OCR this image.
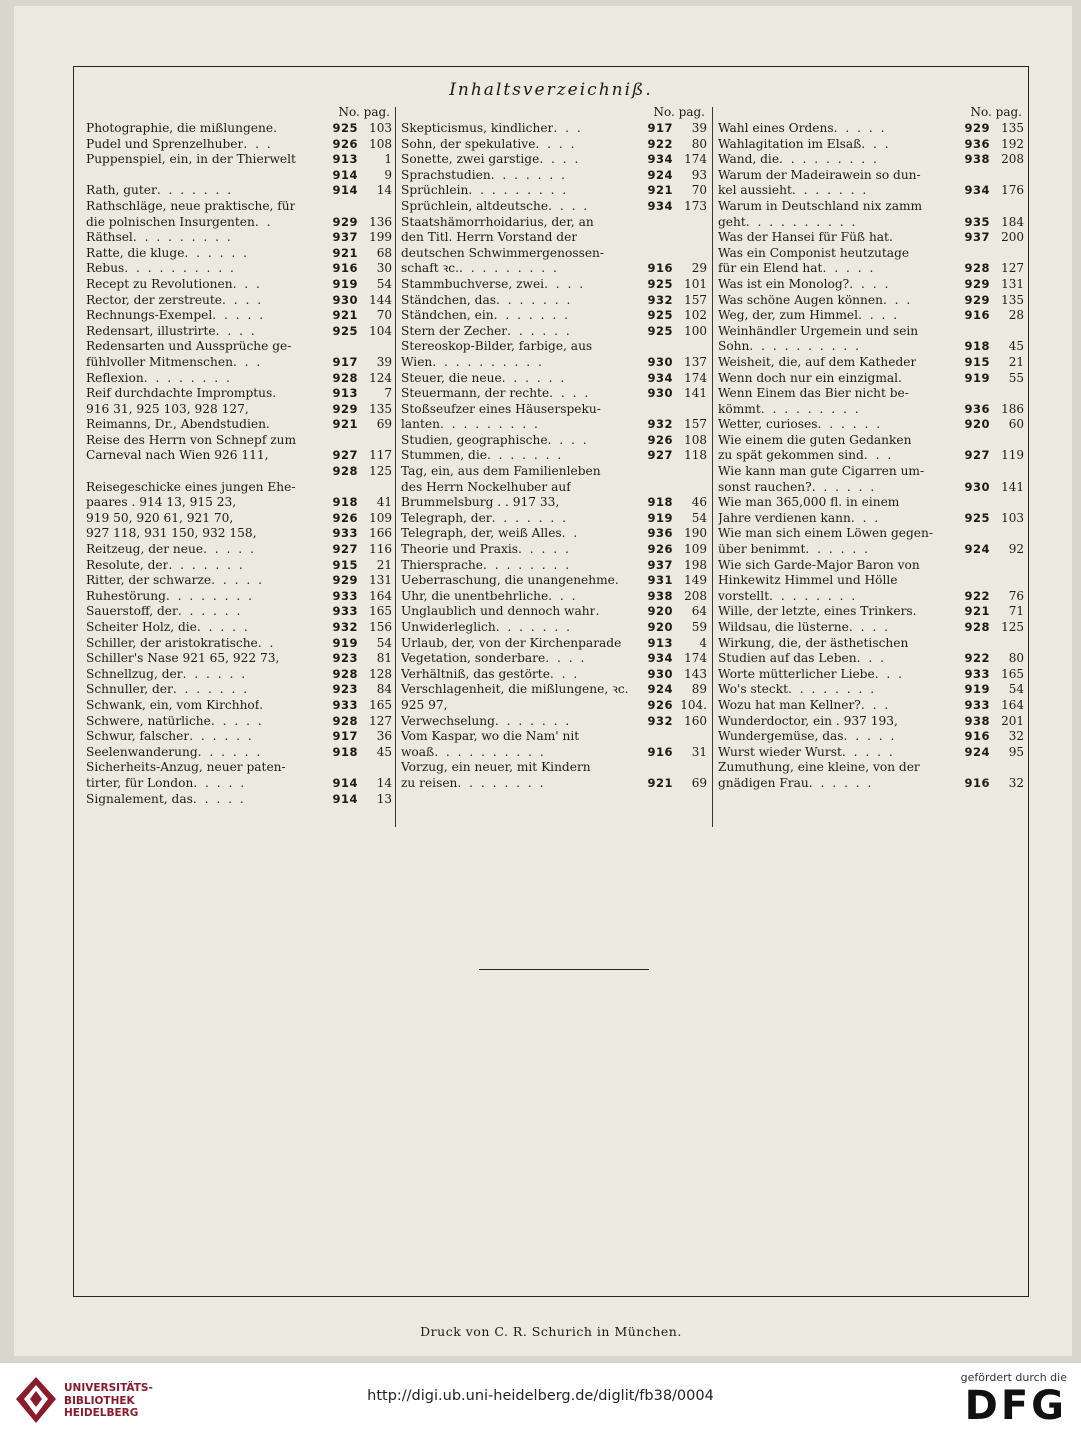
Inhaltsverzeichniß.
No. pag.
Photographie, die mißlungene .	925 103
Pudel und Sprenzelhuber . . .	926 108
Puppenspiel, ein, in der Thierwelt	913	1
914	9
Rath, guter . . . . . . .	914	14
Rathschläge, neue praktische, für
die polnischen Insurgenten . .	929 136
Räthsel . . . . . . . . .	937 199
Ratte, die kluge . . . . . .	921	68
Rebus . . . . . . . . . .	916	30
Recept zu Revolutionen . . .	919	54
Rector, der zerstreute . . . .	930 144
Rechnungs-Exempel . . . . .	921	70
Redensart, illustrirte . . . .	925 104
Redensarten und Aussprüche ge-
fühlvoller Mitmenschen . . .	917	39
Reflexion . . . . . . . .	928 124
Reif durchdachte Impromptus .	913	7
916 31, 925 103, 928 127,	929 135
Reimanns, Dr., Abendstudien .	921	69
Reise des Herrn von Schnepf zum
Carneval nach Wien 926 111,	927 117
928 125
Reisegeschicke eines jungen Ehe-
paares . 914 13, 915 23,	918	41
919 50, 920 61, 921 70,	926 109
927 118, 931 150, 932 158,	933 166
Reitzeug, der neue . . . . .	927 116
Resolute, der . . . . . . .	915	21
Ritter, der schwarze . . . . .	929 131
Ruhestörung . . . . . . . .	933 164
Sauerstoff, der . . . . . .	933 165
Scheiter Holz, die . . . . .	932 156
Schiller, der aristokratische . .	919	54
Schiller's Nase 921 65, 922 73,	923	81
Schnellzug, der . . . . . .	928 128
Schnuller, der . . . . . . .	923	84
Schwank, ein, vom Kirchhof .	933 165
Schwere, natürliche . . . . .	928 127
Schwur, falscher . . . . . .	917	36
Seelenwanderung . . . . . .	918	45
Sicherheits-Anzug, neuer paten-
tirter, für London . . . . .	914	14
Signalement, das . . . . .	914	13
No. pag.
Skepticismus, kindlicher . . .	917	39
Sohn, der spekulative . . . .	922	80
Sonette, zwei garstige . . . .	934 174
Sprachstudien . . . . . . .	924	93
Sprüchlein . . . . . . . . .	921	70
Sprüchlein, altdeutsche . . . .	934 173
Staatshämorrhoidarius, der, an
den Titl. Herrn Vorstand der
deutschen Schwimmergenossen-
schaft ꝛc. . . . . . . . . .	916	29
Stammbuchverse, zwei . . . .	925 101
Ständchen, das . . . . . . .	932 157
Ständchen, ein . . . . . . .	925 102
Stern der Zecher . . . . . .	925 100
Stereoskop-Bilder, farbige, aus
Wien . . . . . . . . . .	930 137
Steuer, die neue . . . . . .	934 174
Steuermann, der rechte . . . .	930 141
Stoßseufzer eines Häuserspeku-
lanten . . . . . . . . .	932 157
Studien, geographische . . . .	926 108
Stummen, die . . . . . . .	927 118
Tag, ein, aus dem Familienleben
des Herrn Nockelhuber auf
Brummelsburg . . 917 33,	918	46
Telegraph, der . . . . . . .	919	54
Telegraph, der, weiß Alles . .	936 190
Theorie und Praxis . . . . .	926 109
Thiersprache . . . . . . . .	937 198
Ueberraschung, die unangenehme .	931 149
Uhr, die unentbehrliche . . .	938 208
Unglaublich und dennoch wahr .	920	64
Unwiderleglich . . . . . . .	920	59
Urlaub, der, von der Kirchenparade 913	4
Vegetation, sonderbare . . . .	934 174
Verhältniß, das gestörte . . .	930 143
Verschlagenheit, die mißlungene, ꝛc. 924	89
925 97,	926 104.
Verwechselung . . . . . . .	932 160
Vom Kaspar, wo die Nam' nit
woaß . . . . . . . . . .	916	31
Vorzug, ein neuer, mit Kindern
zu reisen . . . . . . . .	921	69
No. pag.
Wahl eines Ordens . . . . .	929 135
Wahlagitation im Elsaß . . .	936 192
Wand, die . . . . . . . . .	938 208
Warum der Madeirawein so dun-
kel aussieht . . . . . . .	934 176
Warum in Deutschland nix zamm
geht . . . . . . . . . .	935 184
Was der Hansei für Füß hat .	937 200
Was ein Componist heutzutage
für ein Elend hat . . . . .	928 127
Was ist ein Monolog? . . . .	929 131
Was schöne Augen können . . .	929 135
Weg, der, zum Himmel . . . .	916	28
Weinhändler Urgemein und sein
Sohn . . . . . . . . . .	918	45
Weisheit, die, auf dem Katheder	915	21
Wenn doch nur ein einzigmal .	919	55
Wenn Einem das Bier nicht be-
kömmt . . . . . . . . .	936 186
Wetter, curioses . . . . . .	920	60
Wie einem die guten Gedanken
zu spät gekommen sind . . .	927 119
Wie kann man gute Cigarren um-
sonst rauchen? . . . . . .	930 141
Wie man 365,000 fl. in einem
Jahre verdienen kann . . .	925 103
Wie man sich einem Löwen gegen-
über benimmt . . . . . .	924	92
Wie sich Garde-Major Baron von
Hinkewitz Himmel und Hölle
vorstellt . . . . . . . .	922	76
Wille, der letzte, eines Trinkers .	921	71
Wildsau, die lüsterne . . . .	928 125
Wirkung, die, der ästhetischen
Studien auf das Leben . . .	922	80
Worte mütterlicher Liebe . . .	933 165
Wo's steckt . . . . . . . .	919	54
Wozu hat man Kellner? . . .	933 164
Wunderdoctor, ein . 937 193,	938 201
Wundergemüse, das . . . . .	916	32
Wurst wieder Wurst . . . . .	924	95
Zumuthung, eine kleine, von der
gnädigen Frau . . . . . .	916	32
Druck von C. R. Schurich in München.
UNIVERSITÄTS-
BIBLIOTHEK
HEIDELBERG
http://digi.ub.uni-heidelberg.de/diglit/fb38/0004
gefördert durch die
DFG
